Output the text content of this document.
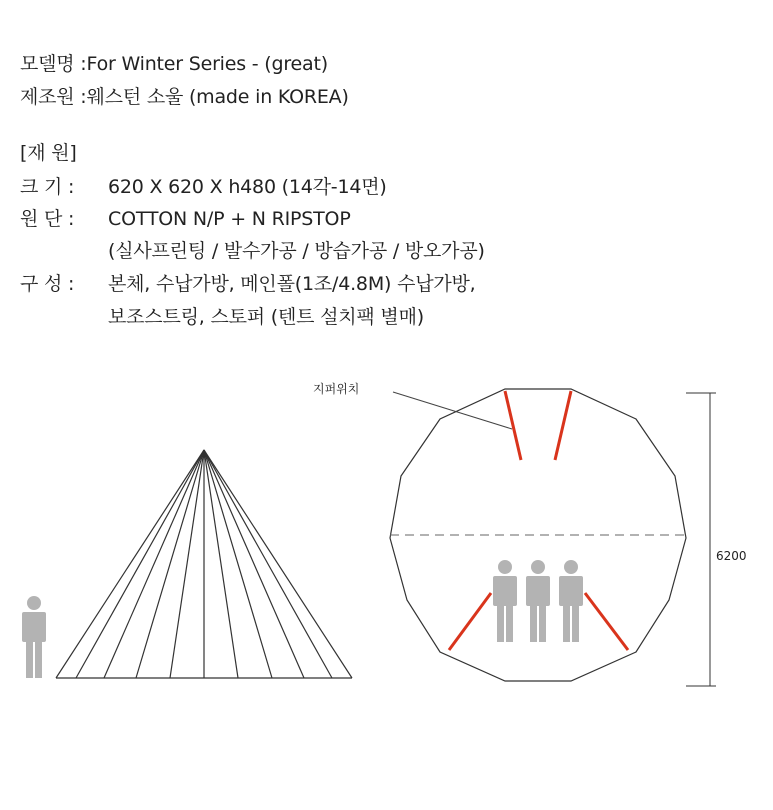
모델명 :For Winter Series - (great)
제조원 :웨스턴 소울 (made in KOREA)
[재 원]
크 기 :620 X 620 X h480 (14각-14면)
원 단 :COTTON N/P + N RIPSTOP
(실사프린팅 / 발수가공 / 방습가공 / 방오가공)
구 성 :본체, 수납가방, 메인폴(1조/4.8M) 수납가방,
보조스트링, 스토퍼 (텐트 설치팩 별매)
지퍼위치
6200
